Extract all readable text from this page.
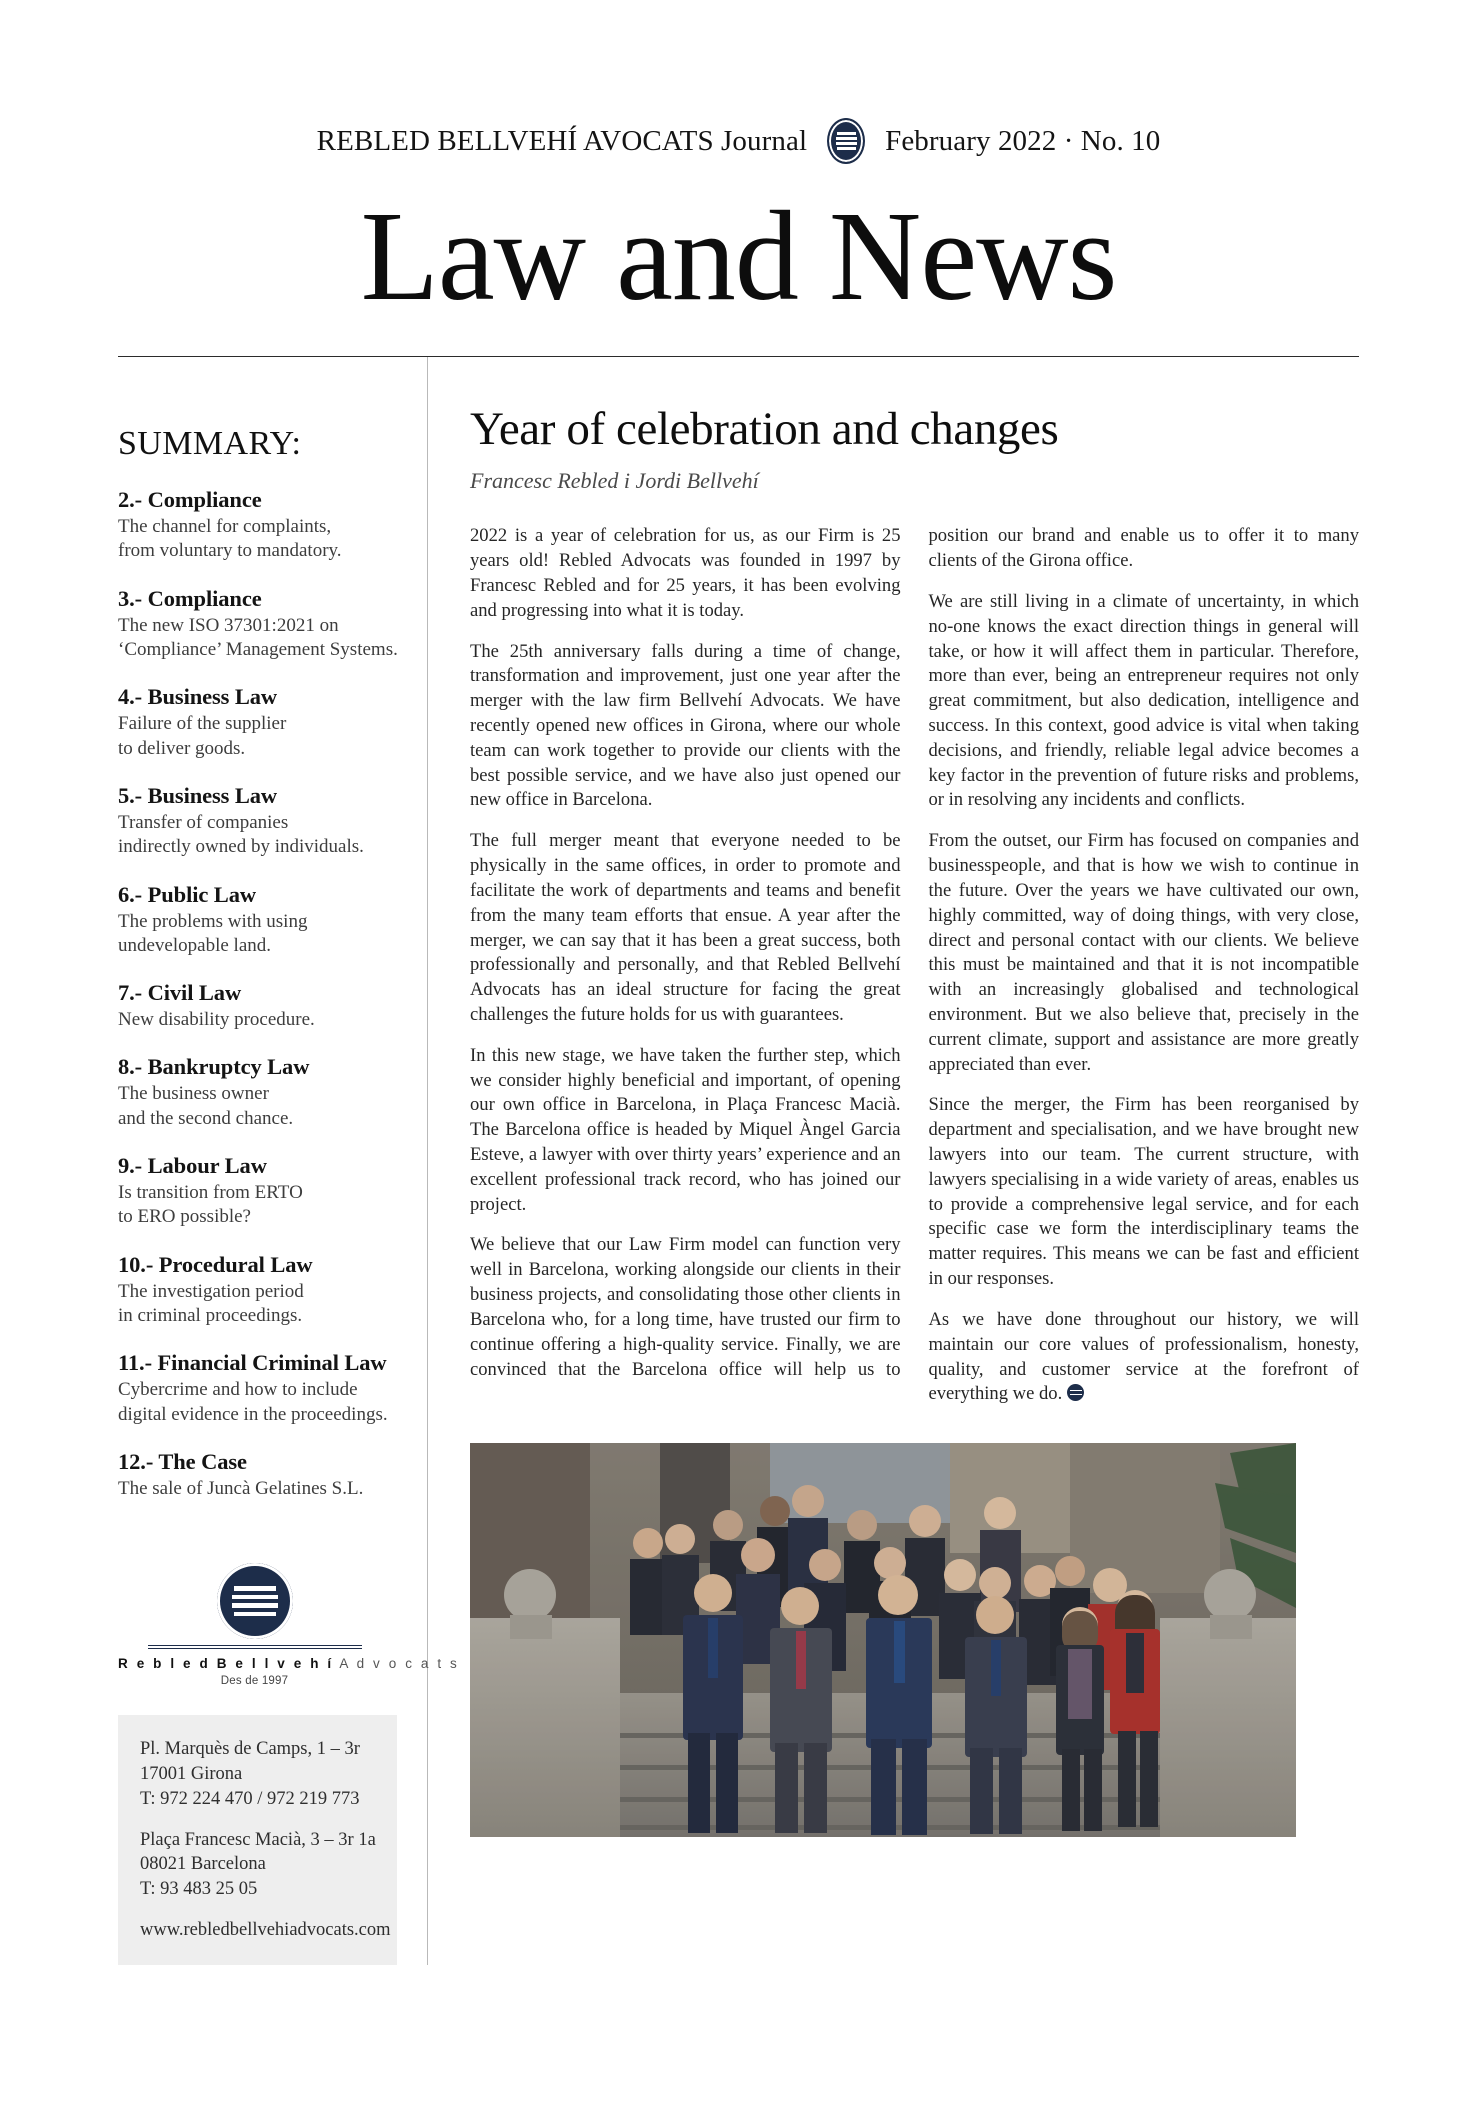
REBLED BELLVEHÍ AVOCATS Journal	February 2022 · No. 10
Law and News
SUMMARY:
2.- Compliance
The channel for complaints,
from voluntary to mandatory.
3.- Compliance
The new ISO 37301:2021 on
‘Compliance’ Management Systems.
4.- Business Law
Failure of the supplier
to deliver goods.
5.- Business Law
Transfer of companies
indirectly owned by individuals.
6.- Public Law
The problems with using
undevelopable land.
7.- Civil Law
New disability procedure.
8.- Bankruptcy Law
The business owner
and the second chance.
9.- Labour Law
Is transition from ERTO
to ERO possible?
10.- Procedural Law
The investigation period
in criminal proceedings.
11.- Financial Criminal Law
Cybercrime and how to include
digital evidence in the proceedings.
12.- The Case
The sale of Juncà Gelatines S.L.
R e b l e d B e l l v e h í A d v o c a t s
Des de 1997

Pl. Marquès de Camps, 1 – 3r
17001 Girona
T: 972 224 470 / 972 219 773

Plaça Francesc Macià, 3 – 3r 1a
08021 Barcelona
T: 93 483 25 05

www.rebledbellvehiadvocats.com

Year of celebration and changes
Francesc Rebled i Jordi Bellvehí

2022 is a year of celebration for us, as our Firm is 25 years old! Rebled Advocats was founded in 1997 by Francesc Rebled and for 25 years, it has been evolving and progressing into what it is today.

The 25th anniversary falls during a time of change, transformation and improvement, just one year after the merger with the law firm Bellvehí Advocats. We have recently opened new offices in Girona, where our whole team can work together to provide our clients with the best possible service, and we have also just opened our new office in Barcelona.

The full merger meant that everyone needed to be physically in the same offices, in order to promote and facilitate the work of departments and teams and benefit from the many team efforts that ensue. A year after the merger, we can say that it has been a great success, both professionally and personally, and that Rebled Bellvehí Advocats has an ideal structure for facing the great challenges the future holds for us with guarantees.

In this new stage, we have taken the further step, which we consider highly beneficial and important, of opening our own office in Barcelona, in Plaça Francesc Macià. The Barcelona office is headed by Miquel Àngel Garcia Esteve, a lawyer with over thirty years’ experience and an excellent professional track record, who has joined our project.

We believe that our Law Firm model can function very well in Barcelona, working alongside our clients in their business projects, and consolidating those other clients in Barcelona who, for a long time, have trusted our firm to continue offering a high-quality service. Finally, we are convinced that the Barcelona office will help us to position our brand and enable us to offer it to many clients of the Girona office.

We are still living in a climate of uncertainty, in which no-one knows the exact direction things in general will take, or how it will affect them in particular. Therefore, more than ever, being an entrepreneur requires not only great commitment, but also dedication, intelligence and success. In this context, good advice is vital when taking decisions, and friendly, reliable legal advice becomes a key factor in the prevention of future risks and problems, or in resolving any incidents and conflicts.

From the outset, our Firm has focused on companies and businesspeople, and that is how we wish to continue in the future. Over the years we have cultivated our own, highly committed, way of doing things, with very close, direct and personal contact with our clients. We believe this must be maintained and that it is not incompatible with an increasingly globalised and technological environment. But we also believe that, precisely in the current climate, support and assistance are more greatly appreciated than ever.

Since the merger, the Firm has been reorganised by department and specialisation, and we have brought new lawyers into our team. The current structure, with lawyers specialising in a wide variety of areas, enables us to provide a comprehensive legal service, and for each specific case we form the interdisciplinary teams the matter requires. This means we can be fast and efficient in our responses.

As we have done throughout our history, we will maintain our core values of professionalism, honesty, quality, and customer service at the forefront of everything we do.
